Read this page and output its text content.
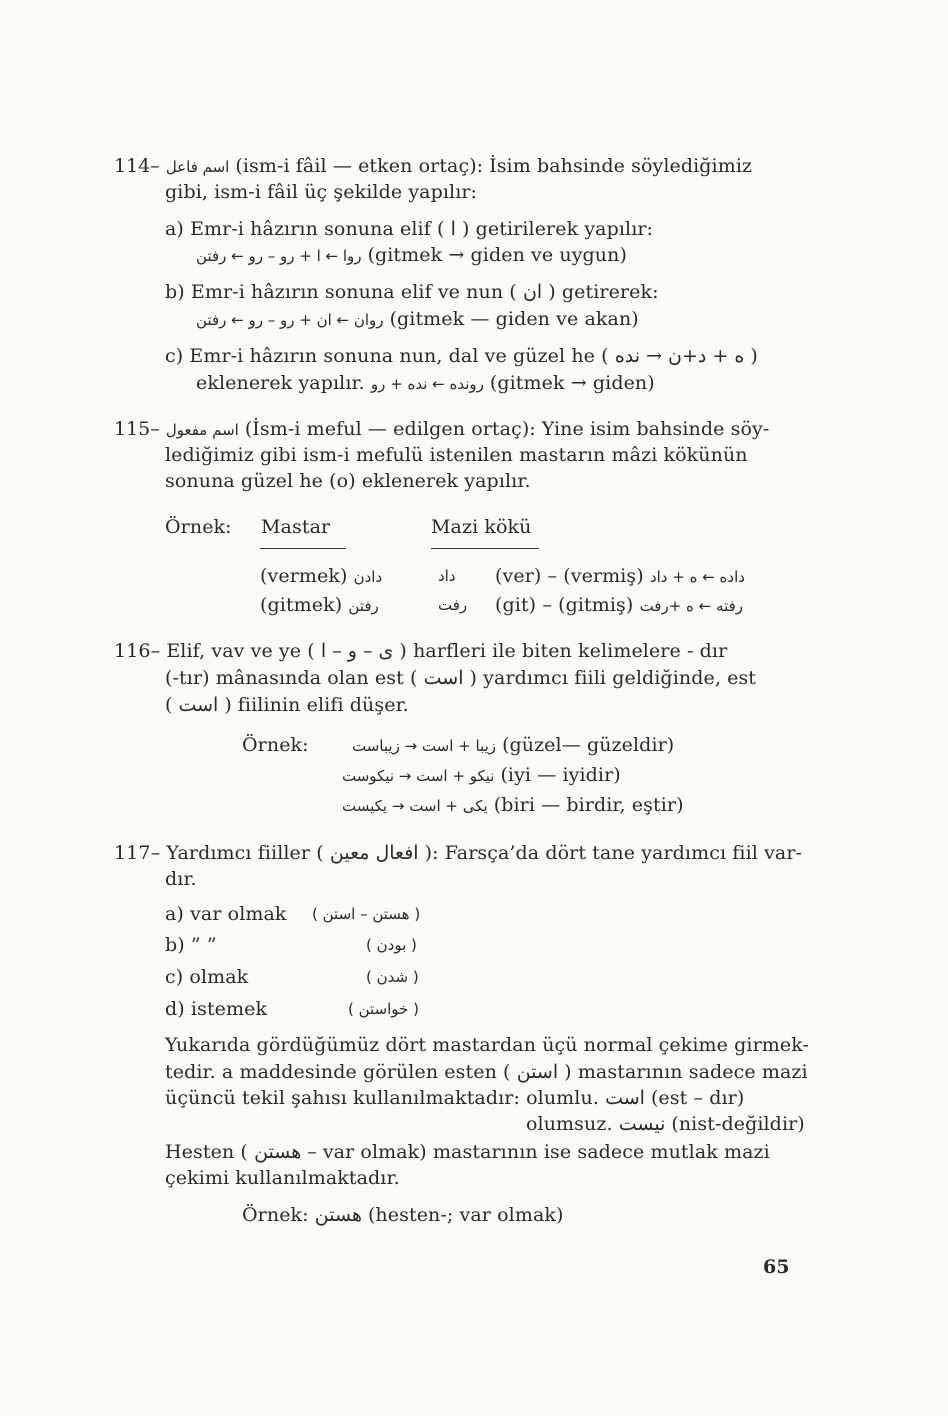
114– اسم فاعل (ism-i fâil — etken ortaç): İsim bahsinde söylediğimiz
gibi, ism-i fâil üç şekilde yapılır:
a) Emr-i hâzırın sonuna elif ( ا ) getirilerek yapılır:
روا ← ا + رو – رو ← رفتن (gitmek → giden ve uygun)
b) Emr-i hâzırın sonuna elif ve nun ( ان ) getirerek:
روان ← ان + رو – رو ← رفتن (gitmek — giden ve akan)
c) Emr-i hâzırın sonuna nun, dal ve güzel he ( ه + د+ن → نده )
eklenerek yapılır. رونده ← نده + رو (gitmek → giden)
115– اسم مفعول (İsm-i meful — edilgen ortaç): Yine isim bahsinde söy-
lediğimiz gibi ism-i mefulü istenilen mastarın mâzi kökünün
sonuna güzel he (o) eklenerek yapılır.
Örnek: Mastar	Mazi kökü
(vermek) دادن	داد (ver) – (vermiş) داده ← ه + داد
(gitmek) رفتن	رفت (git) – (gitmiş) رفته ← ه +رفت
116– Elif, vav ve ye ( ی – و – ا ) harfleri ile biten kelimelere - dır
(-tır) mânasında olan est ( است ) yardımcı fiili geldiğinde, est
( است ) fiilinin elifi düşer.
Örnek:	زیبا + است → زیباست (güzel— güzeldir)
نیکو + است → نیکوست (iyi — iyidir)
یکی + است → یکیست (biri — birdir, eştir)
117– Yardımcı fiiller ( افعال معین ): Farsça’da dört tane yardımcı fiil var-
dır.
a) var olmak ( هستن – استن )
b) ” ”	( بودن )
c) olmak	( شدن )
d) istemek	( خواستن )
Yukarıda gördüğümüz dört mastardan üçü normal çekime girmek-
tedir. a maddesinde görülen esten ( استن ) mastarının sadece mazi
üçüncü tekil şahısı kullanılmaktadır: olumlu. است (est – dır)
olumsuz. نیست (nist-değildir)
Hesten ( هستن – var olmak) mastarının ise sadece mutlak mazi
çekimi kullanılmaktadır.
Örnek: هستن (hesten-; var olmak)
65
